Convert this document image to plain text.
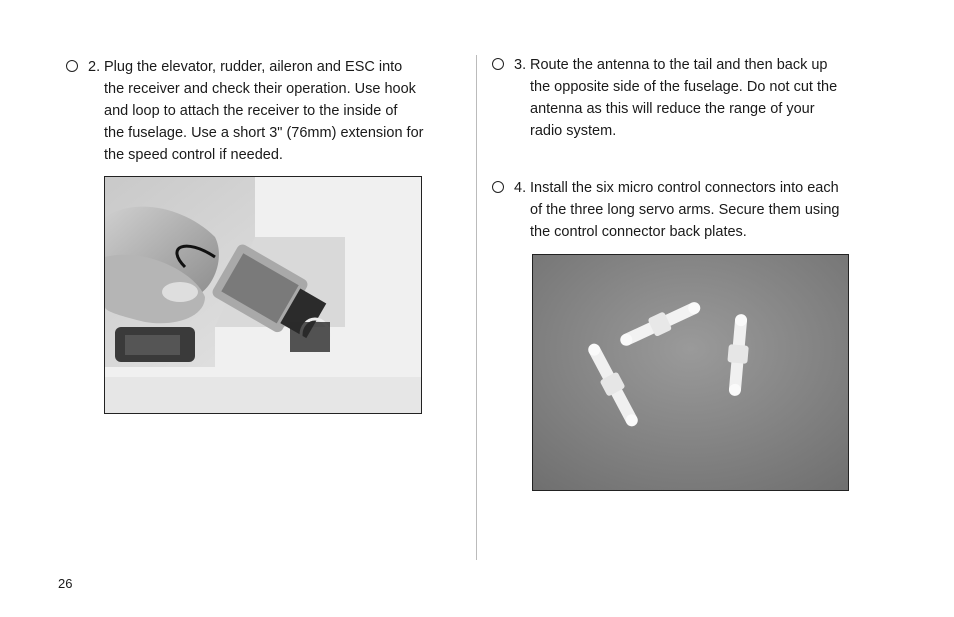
2. Plug the elevator, rudder, aileron and ESC into
the receiver and check their operation. Use hook
and loop to attach the receiver to the inside of
the fuselage. Use a short 3" (76mm) extension for
the speed control if needed.
3. Route the antenna to the tail and then back up
the opposite side of the fuselage. Do not cut the
antenna as this will reduce the range of your
radio system.
4. Install the six micro control connectors into each
of the three long servo arms. Secure them using
the control connector back plates.
26
